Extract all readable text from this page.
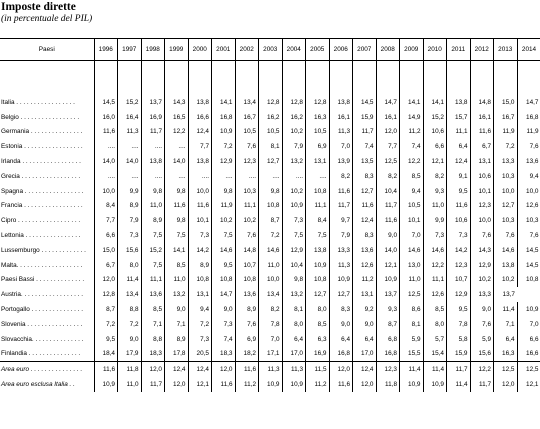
Imposte dirette
(in percentuale del PIL)
Paesi	1996	1997	1998	1999	2000	2001	2002	2003	2004	2005	2006	2007	2008	2009	2010	2011	2012	2013	2014

Italia . . . . . . . . . . . . . . . . .	14,5	15,2	13,7	14,3	13,8	14,1	13,4	12,8	12,8	12,8	13,8	14,5	14,7	14,1	14,1	13,8	14,8	15,0	14,7
Belgio . . . . . . . . . . . . . . . . .	16,0	16,4	16,9	16,5	16,6	16,8	16,7	16,2	16,2	16,3	16,1	15,9	16,1	14,9	15,2	15,7	16,1	16,7	16,8
Germania . . . . . . . . . . . . . . .	11,6	11,3	11,7	12,2	12,4	10,9	10,5	10,5	10,2	10,5	11,3	11,7	12,0	11,2	10,6	11,1	11,6	11,9	11,9
Estonia . . . . . . . . . . . . . . . . .	....	....	....	....	7,7	7,2	7,6	8,1	7,9	6,9	7,0	7,4	7,7	7,4	6,6	6,4	6,7	7,2	7,6
Irlanda . . . . . . . . . . . . . . . . .	14,0	14,0	13,8	14,0	13,8	12,9	12,3	12,7	13,2	13,1	13,9	13,5	12,5	12,2	12,1	12,4	13,1	13,3	13,6
Grecia . . . . . . . . . . . . . . . . .	....	....	....	....	....	....	....	....	....	....	8,2	8,3	8,2	8,5	8,2	9,1	10,6	10,3	9,4
Spagna . . . . . . . . . . . . . . . . .	10,0	9,9	9,8	9,8	10,0	9,8	10,3	9,8	10,2	10,8	11,6	12,7	10,4	9,4	9,3	9,5	10,1	10,0	10,0
Francia . . . . . . . . . . . . . . . . .	8,4	8,9	11,0	11,6	11,6	11,9	11,1	10,8	10,9	11,1	11,7	11,6	11,7	10,5	11,0	11,6	12,3	12,7	12,6
Cipro . . . . . . . . . . . . . . . . . .	7,7	7,9	8,9	9,8	10,1	10,2	10,2	8,7	7,3	8,4	9,7	12,4	11,6	10,1	9,9	10,6	10,0	10,3	10,3
Lettonia . . . . . . . . . . . . . . . .	6,6	7,3	7,5	7,5	7,3	7,5	7,6	7,2	7,5	7,5	7,9	8,3	9,0	7,0	7,3	7,3	7,6	7,6	7,6
Lussemburgo . . . . . . . . . . . . .	15,0	15,6	15,2	14,1	14,2	14,6	14,8	14,6	12,9	13,8	13,3	13,6	14,0	14,6	14,6	14,2	14,3	14,6	14,5
Malta. . . . . . . . . . . . . . . . . . .	6,7	8,0	7,5	8,5	8,9	9,5	10,7	11,0	10,4	10,9	11,3	12,6	12,1	13,0	12,2	12,3	12,9	13,8	14,5
Paesi Bassi . . . . . . . . . . . . . .	12,0	11,4	11,1	11,0	10,8	10,8	10,8	10,0	9,8	10,8	10,9	11,2	10,9	11,0	11,1	10,7	10,2	10,2	10,8
Austria. . . . . . . . . . . . . . . . . .	12,8	13,4	13,6	13,2	13,1	14,7	13,6	13,4	13,2	12,7	12,7	13,1	13,7	12,5	12,6	12,9	13,3	13,7	
Portogallo . . . . . . . . . . . . . . .	8,7	8,8	8,5	9,0	9,4	9,0	8,9	8,2	8,1	8,0	8,3	9,2	9,3	8,6	8,5	9,5	9,0	11,4	10,9
Slovenia . . . . . . . . . . . . . . . .	7,2	7,2	7,1	7,1	7,2	7,3	7,6	7,8	8,0	8,5	9,0	9,0	8,7	8,1	8,0	7,8	7,6	7,1	7,0
Slovacchia. . . . . . . . . . . . . . .	9,5	9,0	8,8	8,9	7,3	7,4	6,9	7,0	6,4	6,3	6,4	6,4	6,8	5,9	5,7	5,8	5,9	6,4	6,6
Finlandia . . . . . . . . . . . . . . .	18,4	17,9	18,3	17,8	20,5	18,3	18,2	17,1	17,0	16,9	16,8	17,0	16,8	15,5	15,4	15,9	15,6	16,3	16,6
Area euro . . . . . . . . . . . . . . .	11,6	11,8	12,0	12,4	12,4	12,0	11,6	11,3	11,3	11,5	12,0	12,4	12,3	11,4	11,4	11,7	12,2	12,5	12,5
Area euro esclusa Italia . .	10,9	11,0	11,7	12,0	12,1	11,6	11,2	10,9	10,9	11,2	11,6	12,0	11,8	10,9	10,9	11,4	11,7	12,0	12,1
